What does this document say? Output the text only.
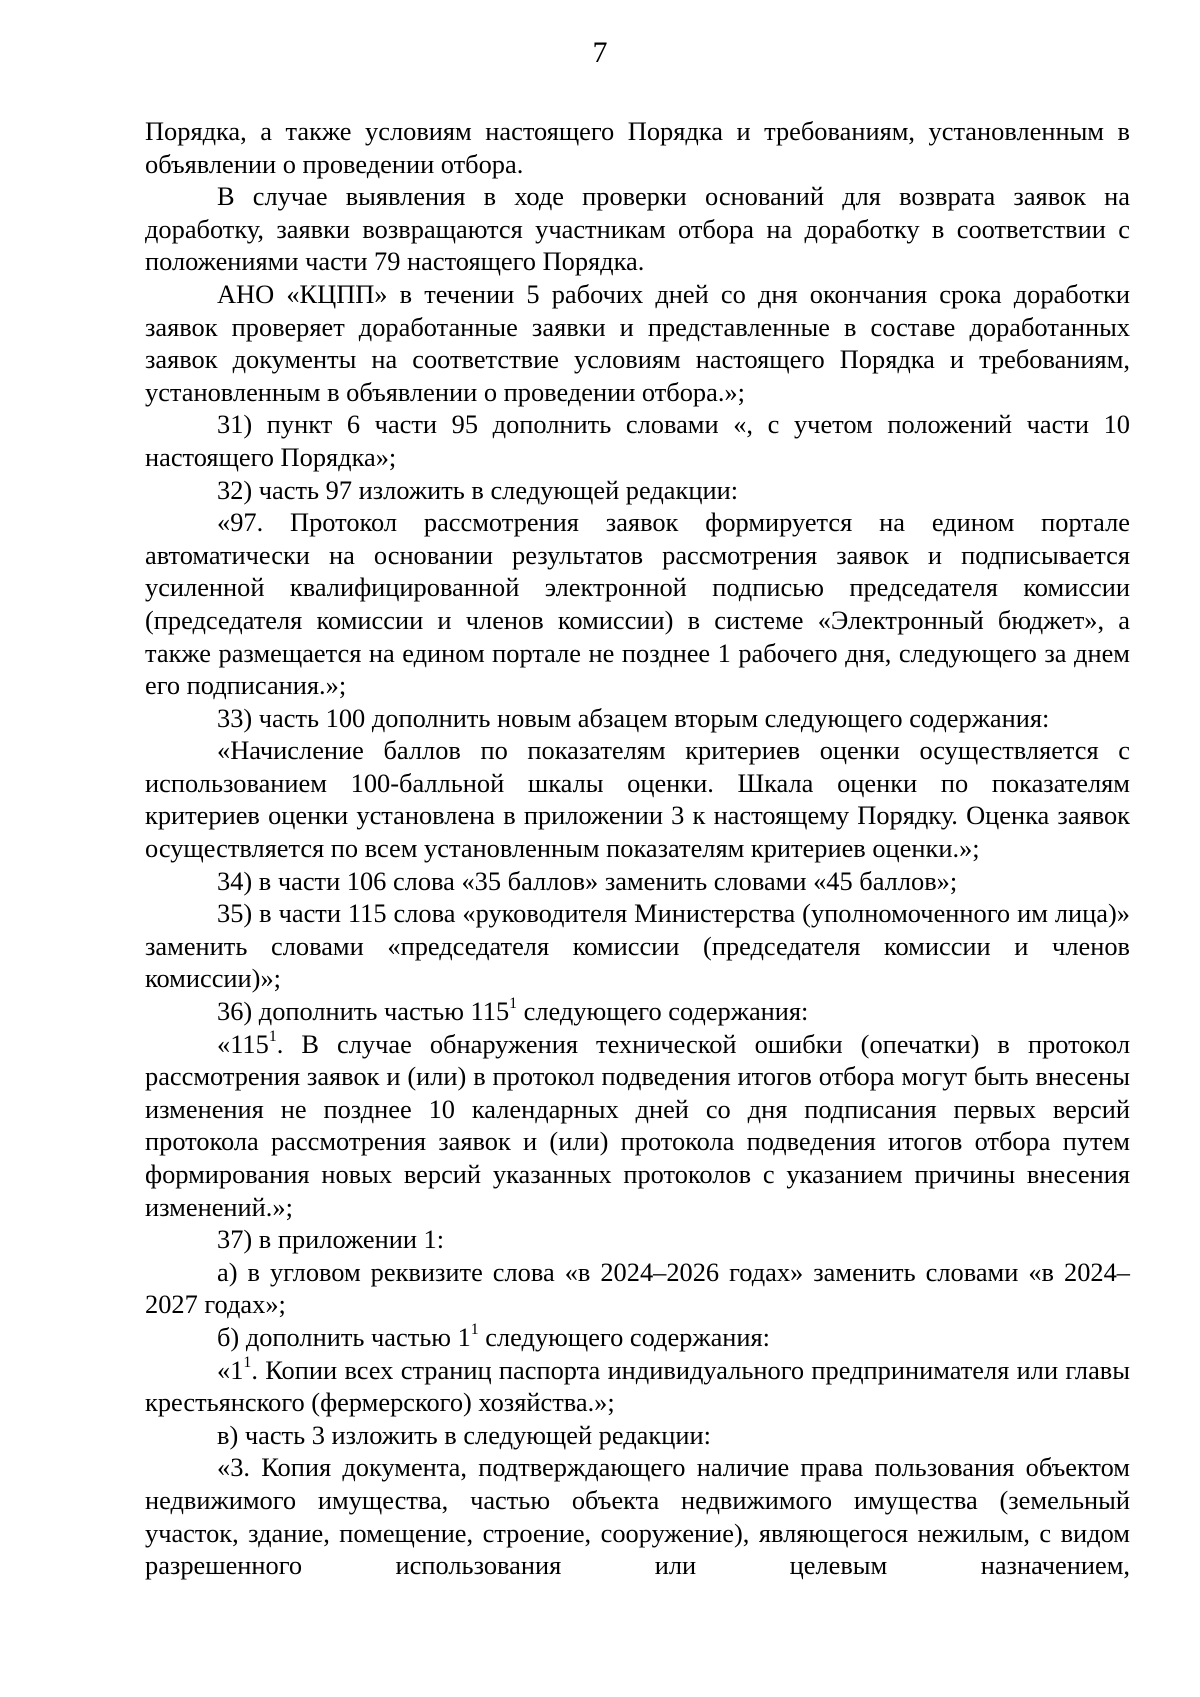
7

Порядка, а также условиям настоящего Порядка и требованиям, установленным в объявлении о проведении отбора.

В случае выявления в ходе проверки оснований для возврата заявок на доработку, заявки возвращаются участникам отбора на доработку в соответствии с положениями части 79 настоящего Порядка.

АНО «КЦПП» в течении 5 рабочих дней со дня окончания срока доработки заявок проверяет доработанные заявки и представленные в составе доработанных заявок документы на соответствие условиям настоящего Порядка и требованиям, установленным в объявлении о проведении отбора.»;

31) пункт 6 части 95 дополнить словами «, с учетом положений части 10 настоящего Порядка»;

32) часть 97 изложить в следующей редакции:

«97. Протокол рассмотрения заявок формируется на едином портале автоматически на основании результатов рассмотрения заявок и подписывается усиленной квалифицированной электронной подписью председателя комиссии (председателя комиссии и членов комиссии) в системе «Электронный бюджет», а также размещается на едином портале не позднее 1 рабочего дня, следующего за днем его подписания.»;

33) часть 100 дополнить новым абзацем вторым следующего содержания:

«Начисление баллов по показателям критериев оценки осуществляется с использованием 100-балльной шкалы оценки. Шкала оценки по показателям критериев оценки установлена в приложении 3 к настоящему Порядку. Оценка заявок осуществляется по всем установленным показателям критериев оценки.»;

34) в части 106 слова «35 баллов» заменить словами «45 баллов»;

35) в части 115 слова «руководителя Министерства (уполномоченного им лица)» заменить словами «председателя комиссии (председателя комиссии и членов комиссии)»;

36) дополнить частью $115^1$ следующего содержания:

«$115^1$. В случае обнаружения технической ошибки (опечатки) в протокол рассмотрения заявок и (или) в протокол подведения итогов отбора могут быть внесены изменения не позднее 10 календарных дней со дня подписания первых версий протокола рассмотрения заявок и (или) протокола подведения итогов отбора путем формирования новых версий указанных протоколов с указанием причины внесения изменений.»;

37) в приложении 1:

а) в угловом реквизите слова «в 2024–2026 годах» заменить словами «в 2024–2027 годах»;

б) дополнить частью $1^1$ следующего содержания:

«$1^1$. Копии всех страниц паспорта индивидуального предпринимателя или главы крестьянского (фермерского) хозяйства.»;

в) часть 3 изложить в следующей редакции:

«3. Копия документа, подтверждающего наличие права пользования объектом недвижимого имущества, частью объекта недвижимого имущества (земельный участок, здание, помещение, строение, сооружение), являющегося нежилым, с видом разрешенного использования или целевым назначением,
